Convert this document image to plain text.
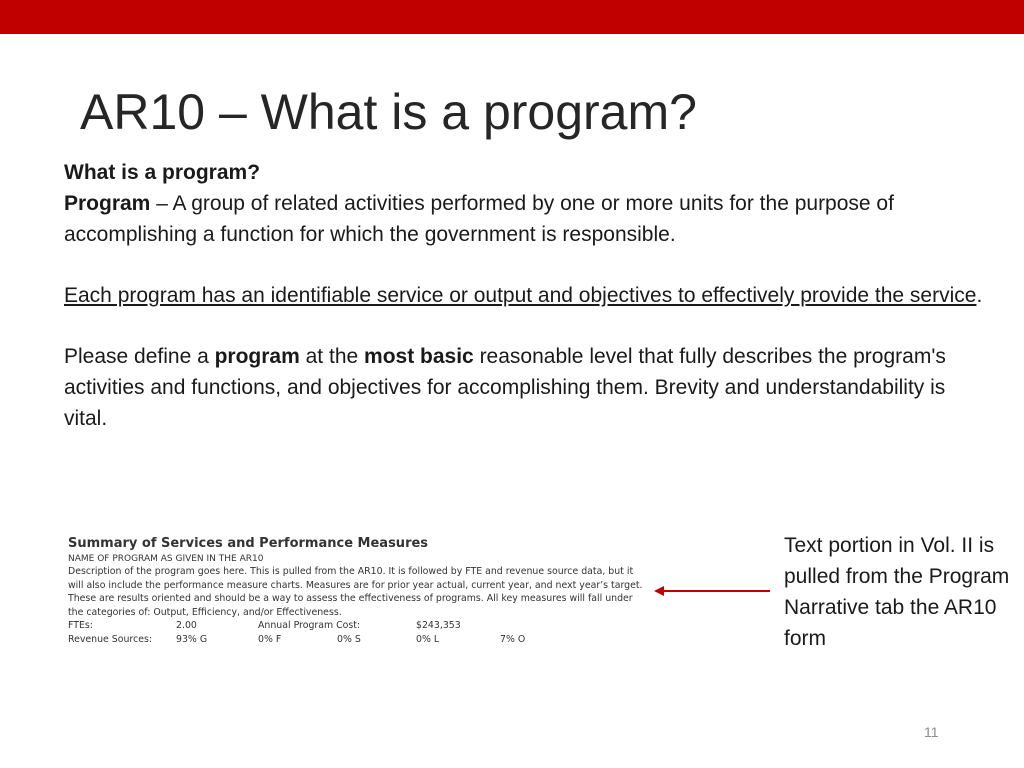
AR10 – What is a program?

What is a program?

Program – A group of related activities performed by one or more units for the purpose of accomplishing a function for which the government is responsible.

Each program has an identifiable service or output and objectives to effectively provide the service.

Please define a program at the most basic reasonable level that fully describes the program's activities and functions, and objectives for accomplishing them. Brevity and understandability is vital.

Summary of Services and Performance Measures
NAME OF PROGRAM AS GIVEN IN THE AR10
Description of the program goes here. This is pulled from the AR10. It is followed by FTE and revenue source data, but it will also include the performance measure charts. Measures are for prior year actual, current year, and next year’s target. These are results oriented and should be a way to assess the effectiveness of programs. All key measures will fall under the categories of: Output, Efficiency, and/or Effectiveness.
FTEs:	2.00	Annual Program Cost:	$243,353
Revenue Sources:	93% G	0% F	0% S	0% L	7% O
Text portion in Vol. II is pulled from the Program Narrative tab the AR10 form
11
